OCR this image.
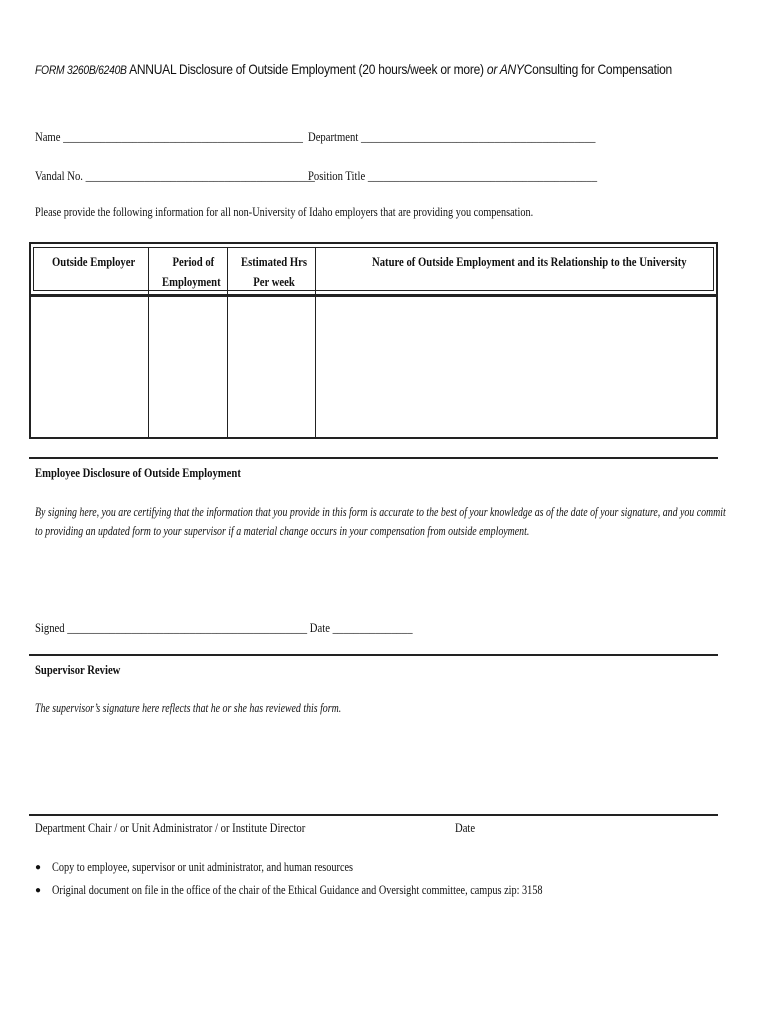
FORM 3260B/6240B ANNUAL Disclosure of Outside Employment (20 hours/week or more) or ANYConsulting for Compensation
Name _____________________________________________ Department ____________________________________________
Vandal No. ___________________________________________
Position Title ___________________________________________
Please provide the following information for all non-University of Idaho employers that are providing you compensation.
Outside Employer	Period of
Employment
Estimated Hrs
Per week
Nature of Outside Employment and its Relationship to the University
Employee Disclosure of Outside Employment
By signing here, you are certifying that the information that you provide in this form is accurate to the best of your knowledge as of the date of your signature, and you commit
to providing an updated form to your supervisor if a material change occurs in your compensation from outside employment.
Signed _____________________________________________ Date _______________
Supervisor Review
The supervisor’s signature here reflects that he or she has reviewed this form.
Department Chair / or Unit Administrator / or Institute Director	Date
● Copy to employee, supervisor or unit administrator, and human resources
● Original document on file in the office of the chair of the Ethical Guidance and Oversight committee, campus zip: 3158
